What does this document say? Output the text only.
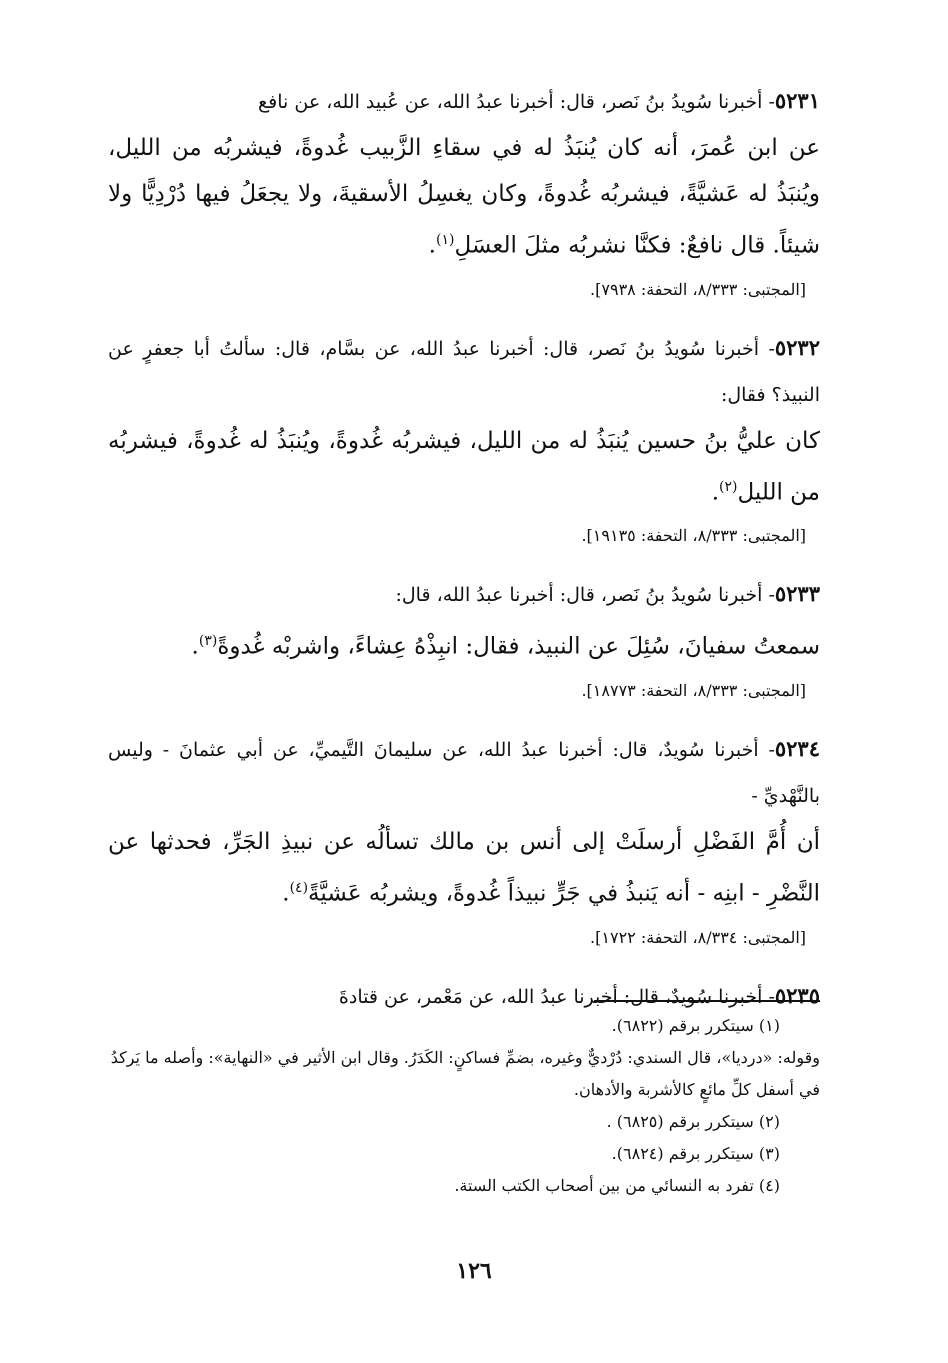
٥٢٣١- أخبرنا سُويدُ بنُ نَصر، قال: أخبرنا عبدُ الله، عن عُبيد الله، عن نافع

عن ابن عُمرَ، أنه كان يُنبَذُ له في سقاءِ الزَّبيب غُدوةً، فيشربُه من الليل، ويُنبَذُ له عَشيَّةً، فيشربُه غُدوةً، وكان يغسِلُ الأسقيةَ، ولا يجعَلُ فيها دُرْدِيًّا ولا شيئاً. قال نافعٌ: فكنَّا نشربُه مثلَ العسَلِ$^{(١)}$.

[المجتبى: ٨/٣٣٣، التحفة: ٧٩٣٨].

٥٢٣٢- أخبرنا سُويدُ بنُ نَصر، قال: أخبرنا عبدُ الله، عن بسَّام، قال: سألتُ أبا جعفرٍ عن النبيذ؟ فقال:

كان عليُّ بنُ حسين يُنبَذُ له من الليل، فيشربُه غُدوةً، ويُنبَذُ له غُدوةً، فيشربُه من الليل$^{(٢)}$.

[المجتبى: ٨/٣٣٣، التحفة: ١٩١٣٥].

٥٢٣٣- أخبرنا سُويدُ بنُ نَصر، قال: أخبرنا عبدُ الله، قال:

سمعتُ سفيانَ، سُئِلَ عن النبيذ، فقال: انبِذْهُ عِشاءً، واشربْه غُدوةً$^{(٣)}$.

[المجتبى: ٨/٣٣٣، التحفة: ١٨٧٧٣].

٥٢٣٤- أخبرنا سُويدٌ، قال: أخبرنا عبدُ الله، عن سليمانَ التَّيميِّ، عن أبي عثمانَ - وليس بالنَّهْديِّ -

أن أُمَّ الفَضْلِ أرسلَتْ إلى أنس بن مالك تسألُه عن نبيذِ الجَرِّ، فحدثها عن النَّضْرِ - ابنِه - أنه يَنبذُ في جَرٍّ نبيذاً غُدوةً، ويشربُه عَشيَّةً$^{(٤)}$.

[المجتبى: ٨/٣٣٤، التحفة: ١٧٢٢].

٥٢٣٥- أخبرنا سُويدٌ، قال: أخبرنا عبدُ الله، عن مَعْمر، عن قتادةَ

(١) سيتكرر برقم (٦٨٢٢).

وقوله: «درديا»، قال السندي: دُرْديٌّ وغيره، بضمِّ فساكنٍ: الكَدَرُ. وقال ابن الأثير في «النهاية»: وأصله ما يَركدُ في أسفل كلِّ مائعٍ كالأشربة والأدهان.

(٢) سيتكرر برقم (٦٨٢٥) .

(٣) سيتكرر برقم (٦٨٢٤).

(٤) تفرد به النسائي من بين أصحاب الكتب الستة.

١٢٦
